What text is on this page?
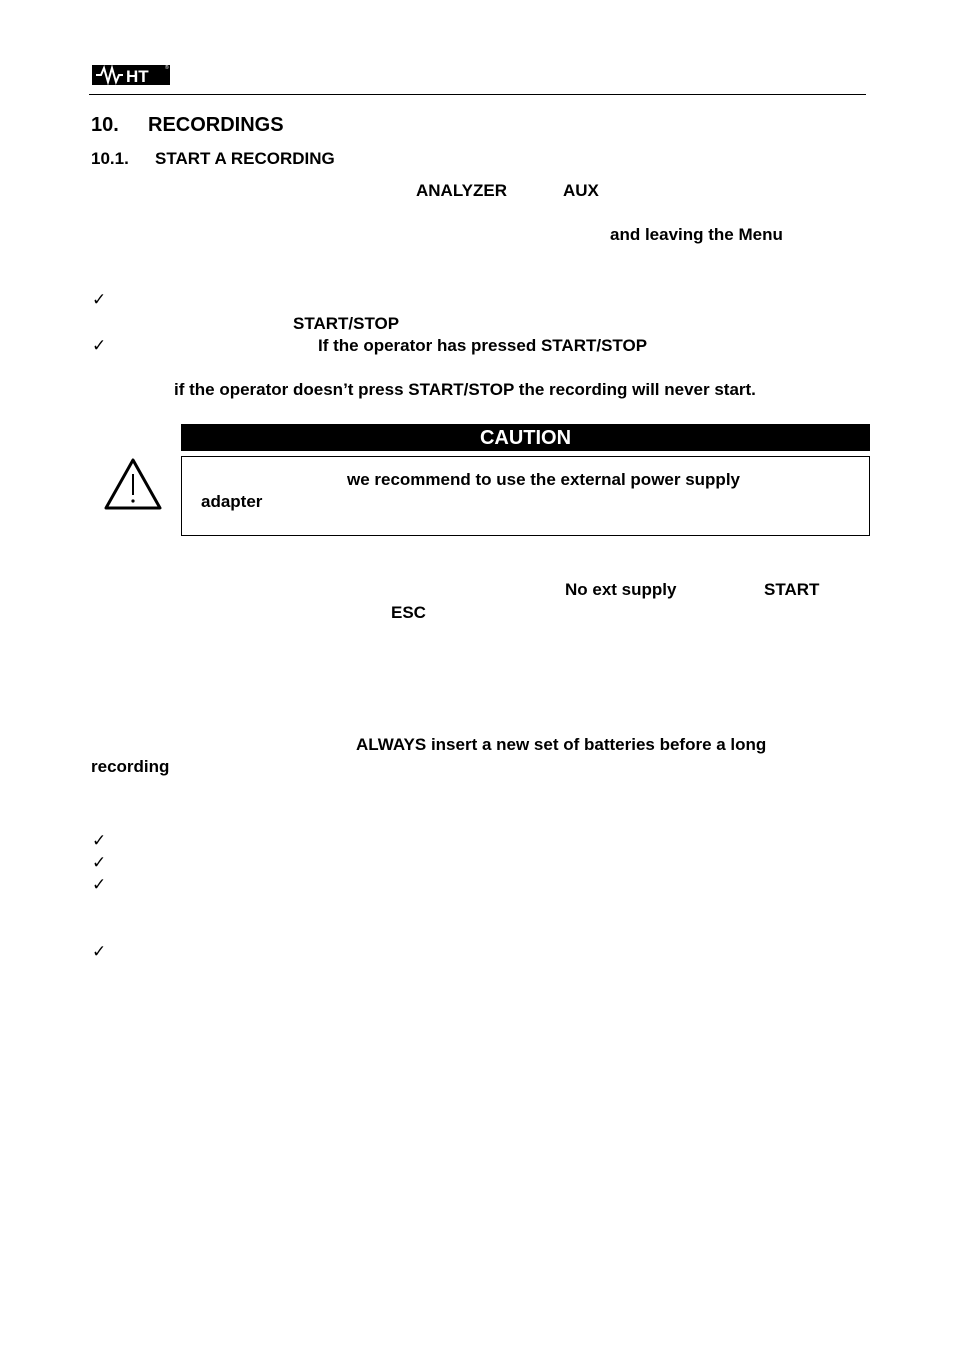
HT	®
10. RECORDINGS
10.1. START A RECORDING
ANALYZER	AUX
and leaving the Menu
✓
START/STOP
✓	If the operator has pressed START/STOP
if the operator doesn’t press START/STOP the recording will never start.
CAUTION
we recommend to use the external power supply
adapter
No ext supply	START
ESC
ALWAYS insert a new set of batteries before a long
recording
✓
✓
✓
✓
